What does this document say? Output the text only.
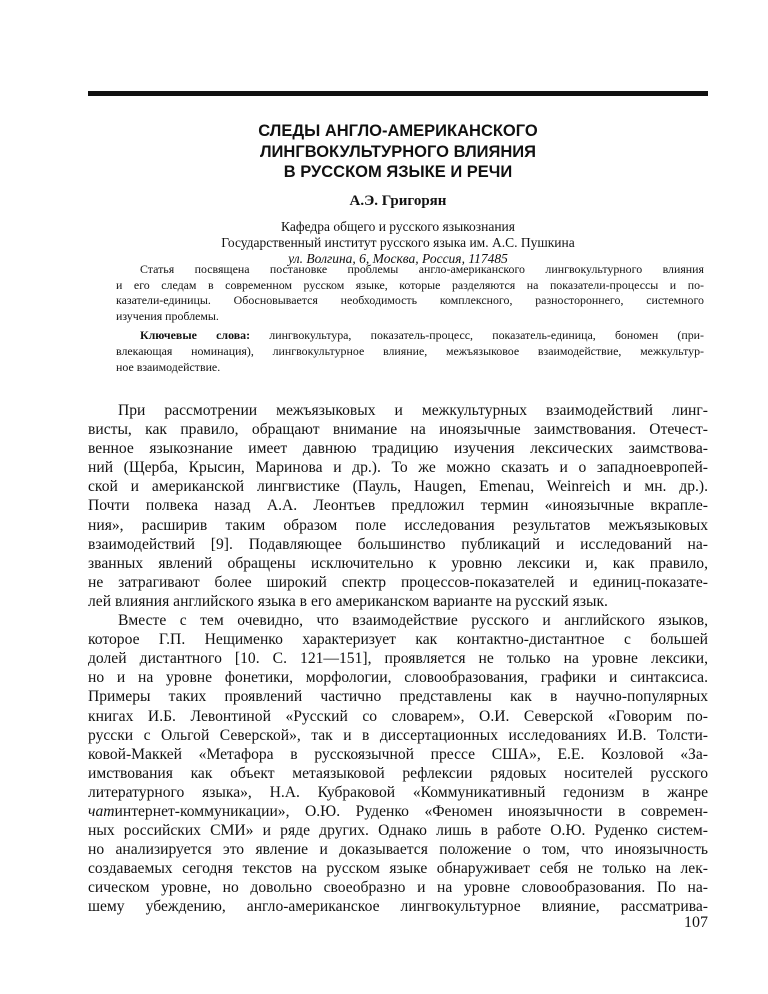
СЛЕДЫ АНГЛО-АМЕРИКАНСКОГО
ЛИНГВОКУЛЬТУРНОГО ВЛИЯНИЯ
В РУССКОМ ЯЗЫКЕ И РЕЧИ
А.Э. Григорян
Кафедра общего и русского языкознания
Государственный институт русского языка им. А.С. Пушкина
ул. Волгина, 6, Москва, Россия, 117485
Статья посвящена постановке проблемы англо-американского лингвокультурного влияния
и его следам в современном русском языке, которые разделяются на показатели-процессы и по-
казатели-единицы. Обосновывается необходимость комплексного, разностороннего, системного
изучения проблемы.
Ключевые слова: лингвокультура, показатель-процесс, показатель-единица, бономен (при-
влекающая номинация), лингвокультурное влияние, межъязыковое взаимодействие, межкультур-
ное взаимодействие.
При рассмотрении межъязыковых и межкультурных взаимодействий линг-
висты, как правило, обращают внимание на иноязычные заимствования. Отечест-
венное языкознание имеет давнюю традицию изучения лексических заимствова-
ний (Щерба, Крысин, Маринова и др.). То же можно сказать и о западноевропей-
ской и американской лингвистике (Пауль, Haugen, Emenau, Weinreich и мн. др.).
Почти полвека назад А.А. Леонтьев предложил термин «иноязычные вкрапле-
ния», расширив таким образом поле исследования результатов межъязыковых
взаимодействий [9]. Подавляющее большинство публикаций и исследований на-
званных явлений обращены исключительно к уровню лексики и, как правило,
не затрагивают более широкий спектр процессов-показателей и единиц-показате-
лей влияния английского языка в его американском варианте на русский язык.
Вместе с тем очевидно, что взаимодействие русского и английского языков,
которое Г.П. Нещименко характеризует как контактно-дистантное с большей
долей дистантного [10. С. 121—151], проявляется не только на уровне лексики,
но и на уровне фонетики, морфологии, словообразования, графики и синтаксиса.
Примеры таких проявлений частично представлены как в научно-популярных
книгах И.Б. Левонтиной «Русский со словарем», О.И. Северской «Говорим по-
русски с Ольгой Северской», так и в диссертационных исследованиях И.В. Толсти-
ковой-Маккей «Метафора в русскоязычной прессе США», Е.Е. Козловой «За-
имствования как объект метаязыковой рефлексии рядовых носителей русского
литературного языка», Н.А. Кубраковой «Коммуникативный гедонизм в жанре
чатинтернет-коммуникации», О.Ю. Руденко «Феномен иноязычности в современ-
ных российских СМИ» и ряде других. Однако лишь в работе О.Ю. Руденко систем-
но анализируется это явление и доказывается положение о том, что иноязычность
создаваемых сегодня текстов на русском языке обнаруживает себя не только на лек-
сическом уровне, но довольно своеобразно и на уровне словообразования. По на-
шему убеждению, англо-американское лингвокультурное влияние, рассматрива-
107
